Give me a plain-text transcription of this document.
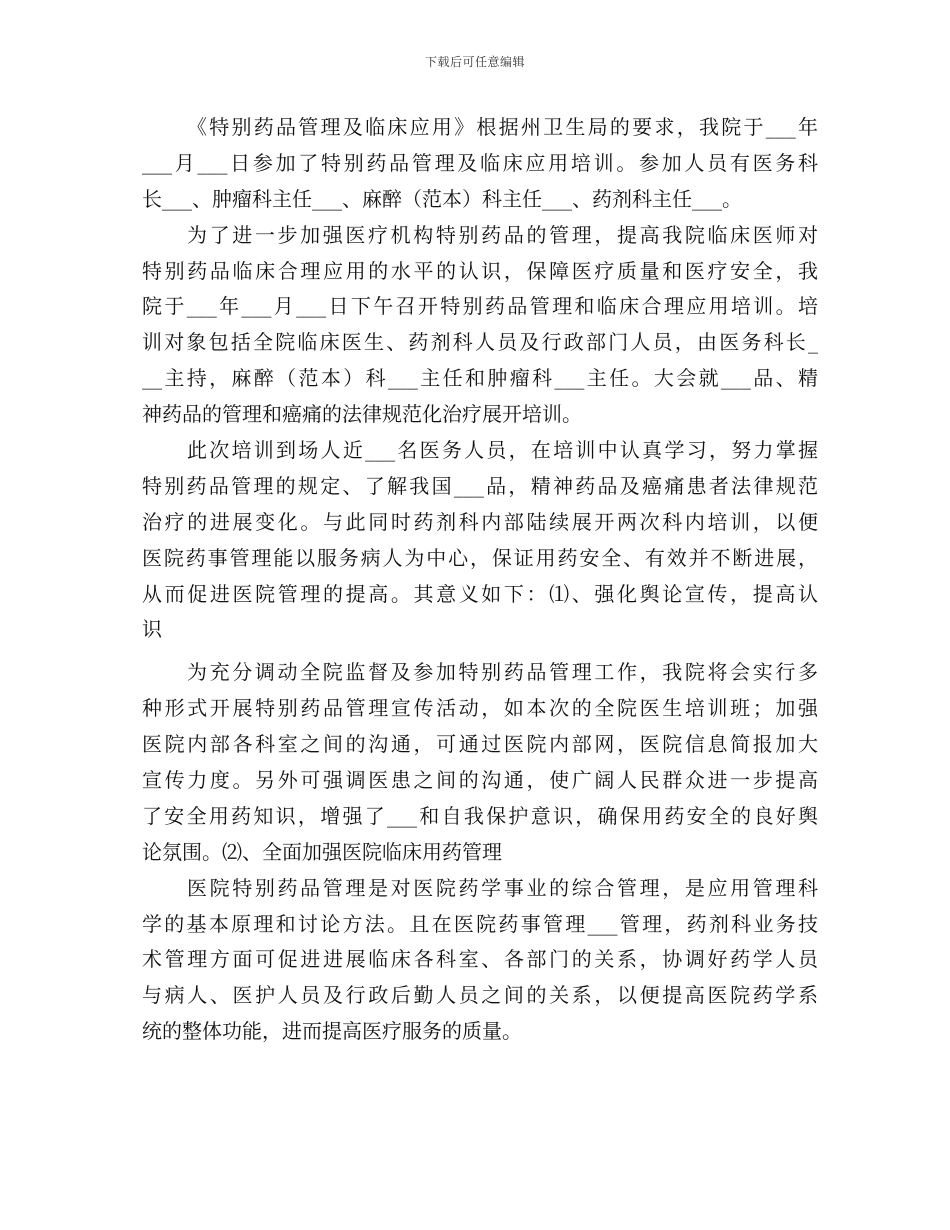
下载后可任意编辑
《特别药品管理及临床应用》根据州卫生局的要求，我院于___年
___月___日参加了特别药品管理及临床应用培训。参加人员有医务科
长___、肿瘤科主任___、麻醉（范本）科主任___、药剂科主任___。
为了进一步加强医疗机构特别药品的管理，提高我院临床医师对
特别药品临床合理应用的水平的认识，保障医疗质量和医疗安全，我
院于___年___月___日下午召开特别药品管理和临床合理应用培训。培
训对象包括全院临床医生、药剂科人员及行政部门人员，由医务科长_
__主持，麻醉（范本）科___主任和肿瘤科___主任。大会就___品、精
神药品的管理和癌痛的法律规范化治疗展开培训。
此次培训到场人近___名医务人员，在培训中认真学习，努力掌握
特别药品管理的规定、了解我国___品，精神药品及癌痛患者法律规范
治疗的进展变化。与此同时药剂科内部陆续展开两次科内培训，以便
医院药事管理能以服务病人为中心，保证用药安全、有效并不断进展，
从而促进医院管理的提高。其意义如下：⑴、强化舆论宣传，提高认
识
为充分调动全院监督及参加特别药品管理工作，我院将会实行多
种形式开展特别药品管理宣传活动，如本次的全院医生培训班；加强
医院内部各科室之间的沟通，可通过医院内部网，医院信息简报加大
宣传力度。另外可强调医患之间的沟通，使广阔人民群众进一步提高
了安全用药知识，增强了___和自我保护意识，确保用药安全的良好舆
论氛围。⑵、全面加强医院临床用药管理
医院特别药品管理是对医院药学事业的综合管理，是应用管理科
学的基本原理和讨论方法。且在医院药事管理___管理，药剂科业务技
术管理方面可促进进展临床各科室、各部门的关系，协调好药学人员
与病人、医护人员及行政后勤人员之间的关系，以便提高医院药学系
统的整体功能，进而提高医疗服务的质量。
